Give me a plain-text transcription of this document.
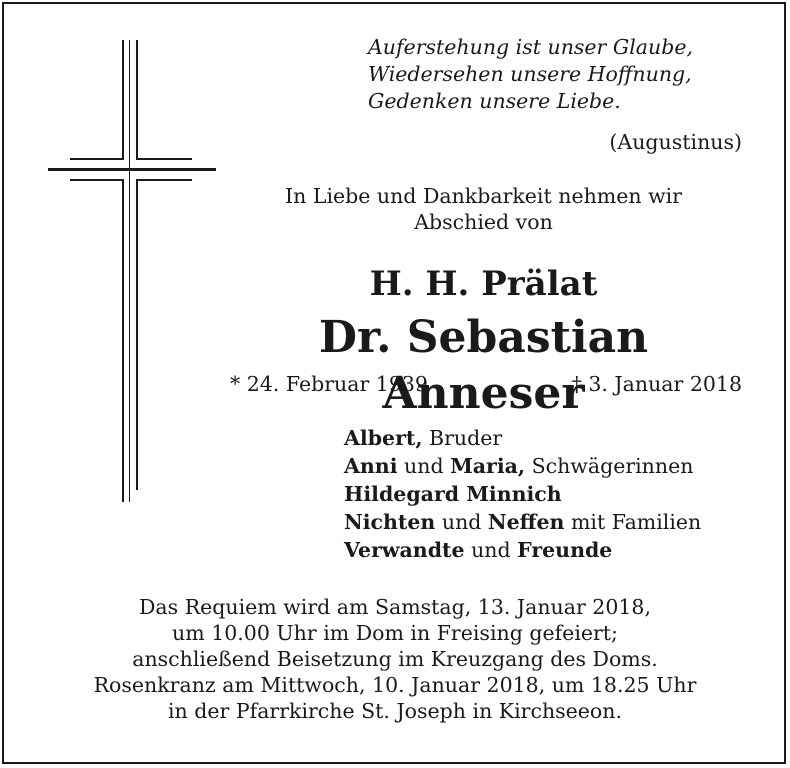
Auferstehung ist unser Glaube,
Wiedersehen unsere Hoffnung,
Gedenken unsere Liebe.
(Augustinus)
In Liebe und Dankbarkeit nehmen wir
Abschied von
H. H. Prälat
Dr. Sebastian Anneser
* 24. Februar 1939	† 3. Januar 2018
Albert, Bruder
Anni und Maria, Schwägerinnen
Hildegard Minnich
Nichten und Neffen mit Familien
Verwandte und Freunde
Das Requiem wird am Samstag, 13. Januar 2018,
um 10.00 Uhr im Dom in Freising gefeiert;
anschließend Beisetzung im Kreuzgang des Doms.
Rosenkranz am Mittwoch, 10. Januar 2018, um 18.25 Uhr
in der Pfarrkirche St. Joseph in Kirchseeon.
